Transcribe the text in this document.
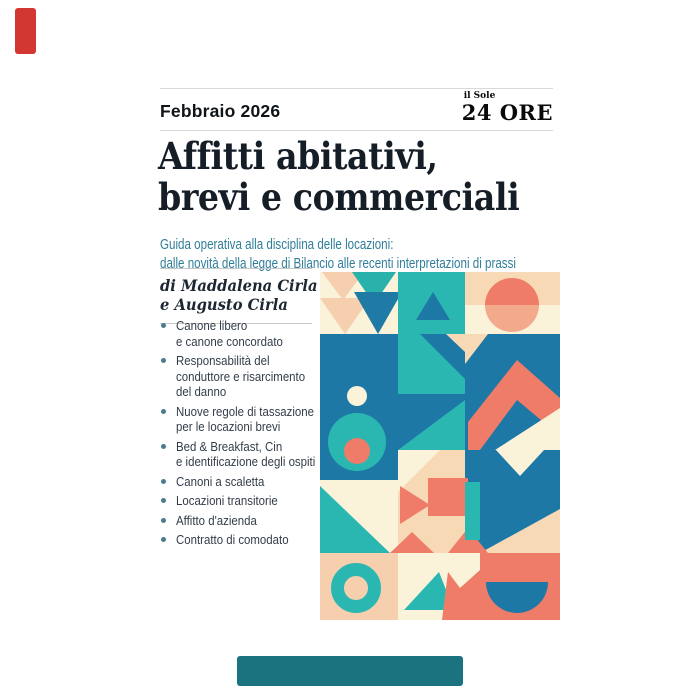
Febbraio 2026
il Sole
24 ORE
Affitti abitativi,
brevi e commerciali
Guida operativa alla disciplina delle locazioni:
dalle novità della legge di Bilancio alle recenti interpretazioni di prassi
di Maddalena Cirla
e Augusto Cirla
Canone libero
e canone concordato
Responsabilità del
conduttore e risarcimento
del danno
Nuove regole di tassazione
per le locazioni brevi
Bed & Breakfast, Cin
e identificazione degli ospiti
Canoni a scaletta
Locazioni transitorie
Affitto d'azienda
Contratto di comodato
